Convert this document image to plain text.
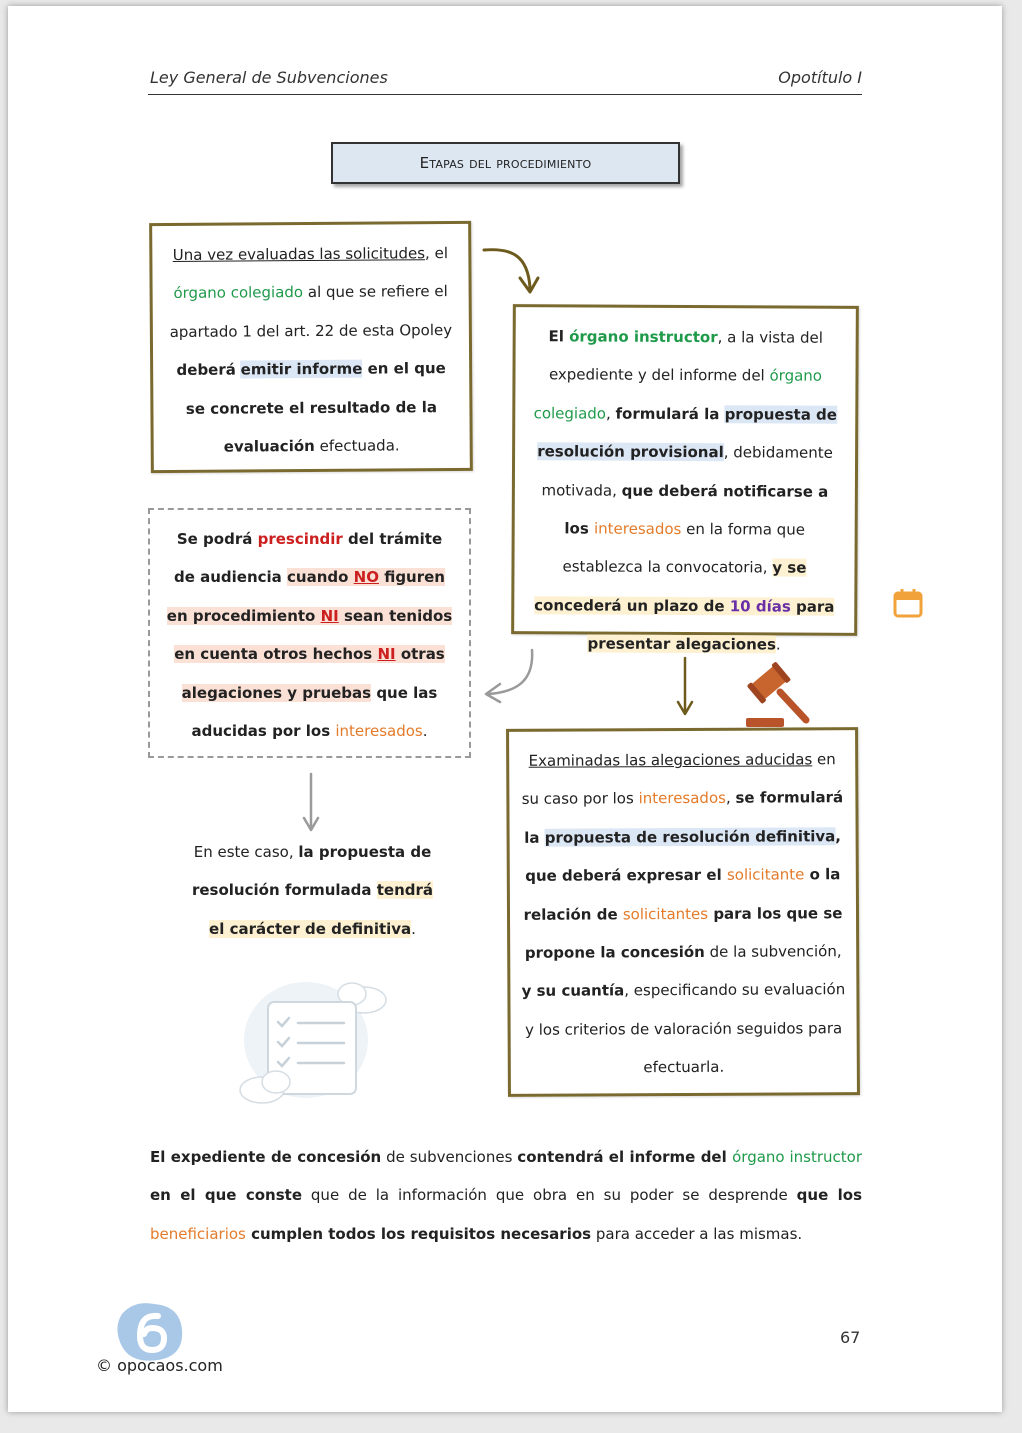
Ley General de Subvenciones	Opotítulo I
Etapas del procedimiento

Una vez evaluadas las solicitudes, el órgano colegiado al que se refiere el apartado 1 del art. 22 de esta Opoley deberá emitir informe en el que se concrete el resultado de la evaluación efectuada.

El órgano instructor, a la vista del expediente y del informe del órgano colegiado, formulará la propuesta de resolución provisional, debidamente motivada, que deberá notificarse a los interesados en la forma que establezca la convocatoria, y se concederá un plazo de 10 días para presentar alegaciones.

Se podrá prescindir del trámite de audiencia cuando NO figuren en procedimiento NI sean tenidos en cuenta otros hechos NI otras alegaciones y pruebas que las aducidas por los interesados.

En este caso, la propuesta de resolución formulada tendrá el carácter de definitiva.

Examinadas las alegaciones aducidas en su caso por los interesados, se formulará la propuesta de resolución definitiva, que deberá expresar el solicitante o la relación de solicitantes para los que se propone la concesión de la subvención, y su cuantía, especificando su evaluación y los criterios de valoración seguidos para efectuarla.

El expediente de concesión de subvenciones contendrá el informe del órgano instructor en el que conste que de la información que obra en su poder se desprende que los beneficiarios cumplen todos los requisitos necesarios para acceder a las mismas.
© opocaos.com
67
